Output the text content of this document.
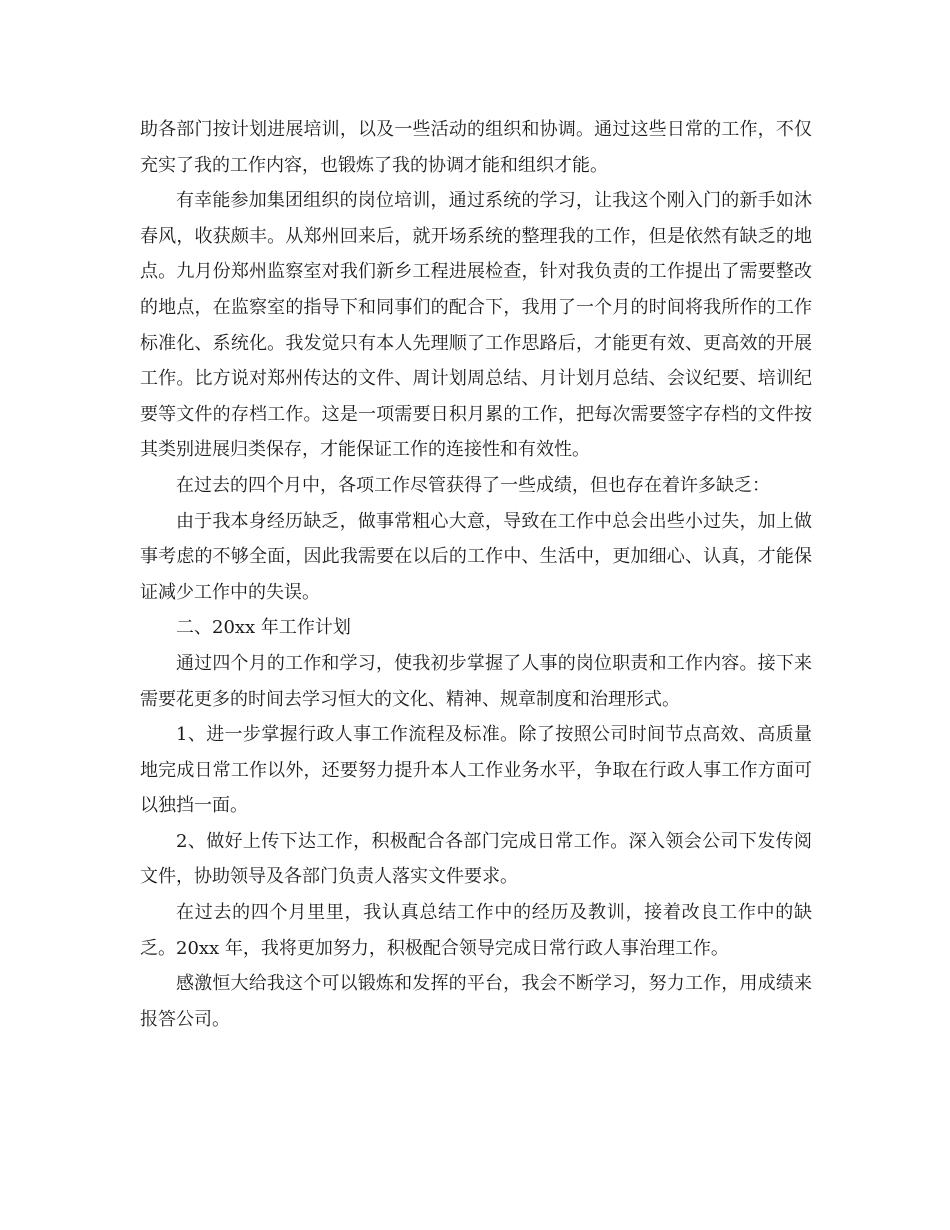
助各部门按计划进展培训，以及一些活动的组织和协调。通过这些日常的工作，不仅充实了我的工作内容，也锻炼了我的协调才能和组织才能。

有幸能参加集团组织的岗位培训，通过系统的学习，让我这个刚入门的新手如沐春风，收获颇丰。从郑州回来后，就开场系统的整理我的工作，但是依然有缺乏的地点。九月份郑州监察室对我们新乡工程进展检查，针对我负责的工作提出了需要整改的地点，在监察室的指导下和同事们的配合下，我用了一个月的时间将我所作的工作标准化、系统化。我发觉只有本人先理顺了工作思路后，才能更有效、更高效的开展工作。比方说对郑州传达的文件、周计划周总结、月计划月总结、会议纪要、培训纪要等文件的存档工作。这是一项需要日积月累的工作，把每次需要签字存档的文件按其类别进展归类保存，才能保证工作的连接性和有效性。

在过去的四个月中，各项工作尽管获得了一些成绩，但也存在着许多缺乏：

由于我本身经历缺乏，做事常粗心大意，导致在工作中总会出些小过失，加上做事考虑的不够全面，因此我需要在以后的工作中、生活中，更加细心、认真，才能保证减少工作中的失误。

二、20xx 年工作计划

通过四个月的工作和学习，使我初步掌握了人事的岗位职责和工作内容。接下来需要花更多的时间去学习恒大的文化、精神、规章制度和治理形式。

1、进一步掌握行政人事工作流程及标准。除了按照公司时间节点高效、高质量地完成日常工作以外，还要努力提升本人工作业务水平，争取在行政人事工作方面可以独挡一面。

2、做好上传下达工作，积极配合各部门完成日常工作。深入领会公司下发传阅文件，协助领导及各部门负责人落实文件要求。

在过去的四个月里里，我认真总结工作中的经历及教训，接着改良工作中的缺乏。20xx 年，我将更加努力，积极配合领导完成日常行政人事治理工作。

感激恒大给我这个可以锻炼和发挥的平台，我会不断学习，努力工作，用成绩来报答公司。
